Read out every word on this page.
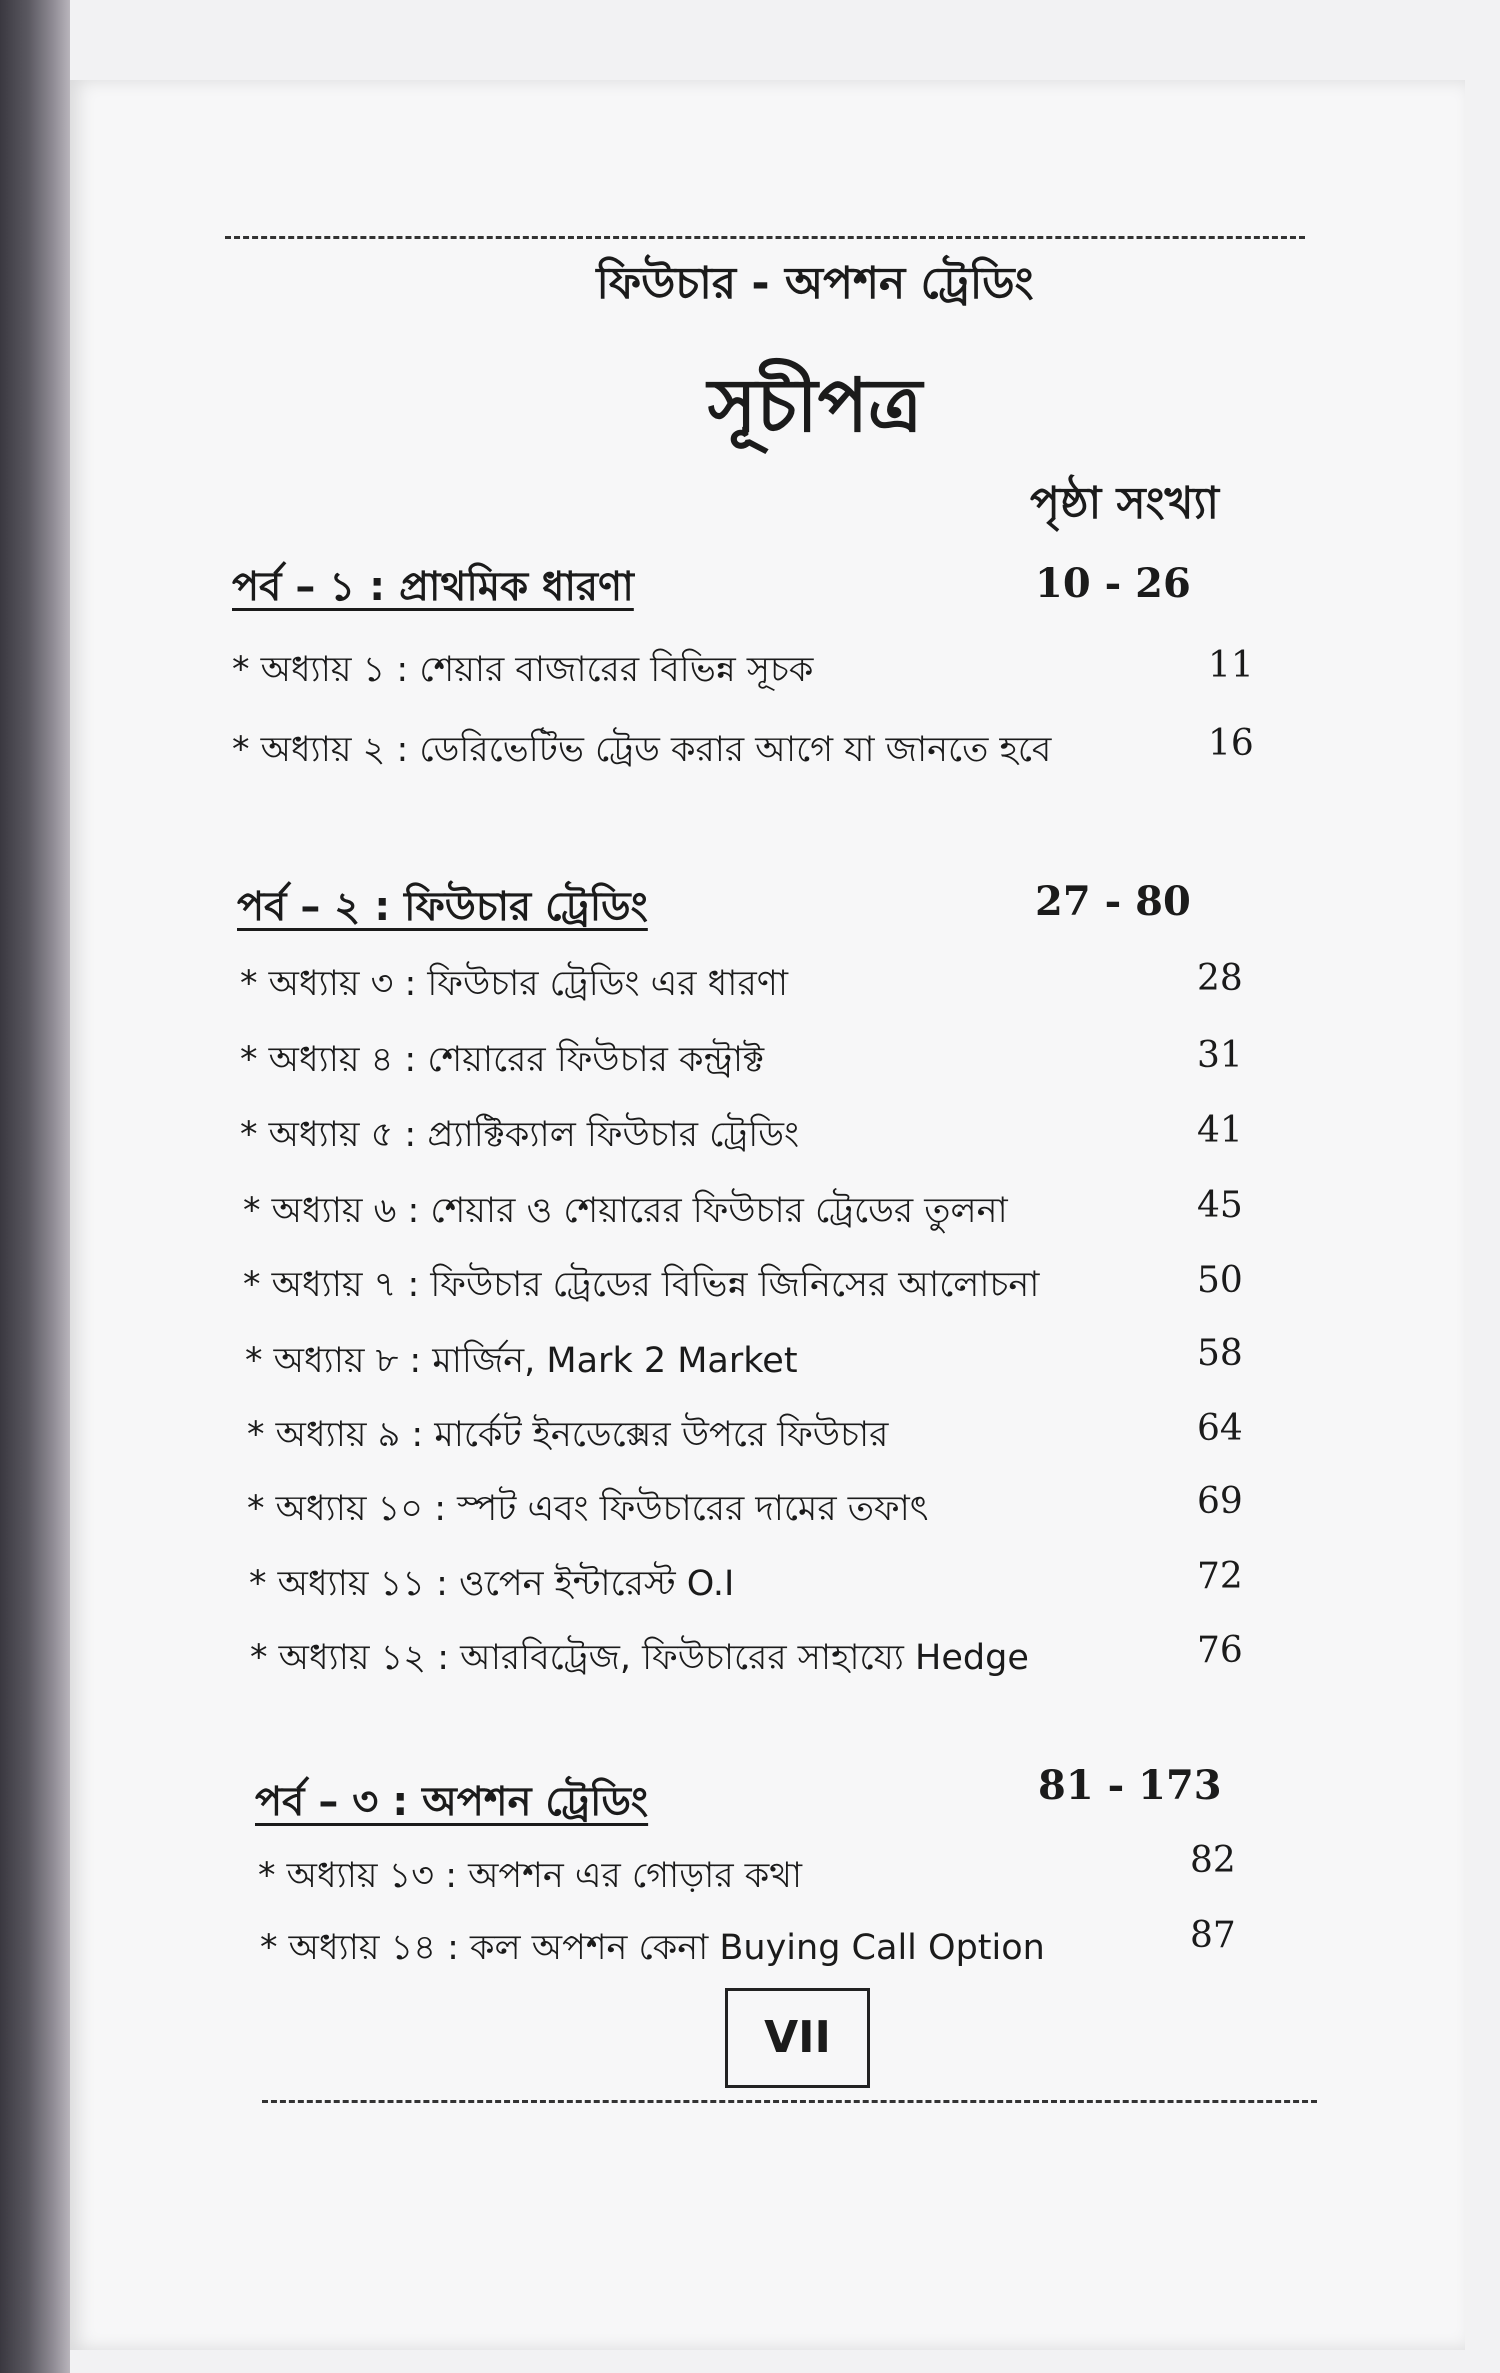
ফিউচার - অপশন ট্রেডিং
সূচীপত্র
পৃষ্ঠা সংখ্যা
পর্ব – ১ : প্রাথমিক ধারণা	10 - 26
* অধ্যায় ১ : শেয়ার বাজারের বিভিন্ন সূচক	11
* অধ্যায় ২ : ডেরিভেটিভ ট্রেড করার আগে যা জানতে হবে	16
পর্ব – ২ : ফিউচার ট্রেডিং	27 - 80
* অধ্যায় ৩ : ফিউচার ট্রেডিং এর ধারণা	28
* অধ্যায় ৪ : শেয়ারের ফিউচার কন্ট্রাক্ট	31
* অধ্যায় ৫ : প্র্যাক্টিক্যাল ফিউচার ট্রেডিং	41
* অধ্যায় ৬ : শেয়ার ও শেয়ারের ফিউচার ট্রেডের তুলনা	45
* অধ্যায় ৭ : ফিউচার ট্রেডের বিভিন্ন জিনিসের আলোচনা	50
* অধ্যায় ৮ : মার্জিন, Mark 2 Market	58
* অধ্যায় ৯ : মার্কেট ইনডেক্সের উপরে ফিউচার	64
* অধ্যায় ১০ : স্পট এবং ফিউচারের দামের তফাৎ	69
* অধ্যায় ১১ : ওপেন ইন্টারেস্ট O.I	72
* অধ্যায় ১২ : আরবিট্রেজ, ফিউচারের সাহায্যে Hedge	76
পর্ব – ৩ : অপশন ট্রেডিং	81 - 173
* অধ্যায় ১৩ : অপশন এর গোড়ার কথা	82
* অধ্যায় ১৪ : কল অপশন কেনা Buying Call Option	87
VII
